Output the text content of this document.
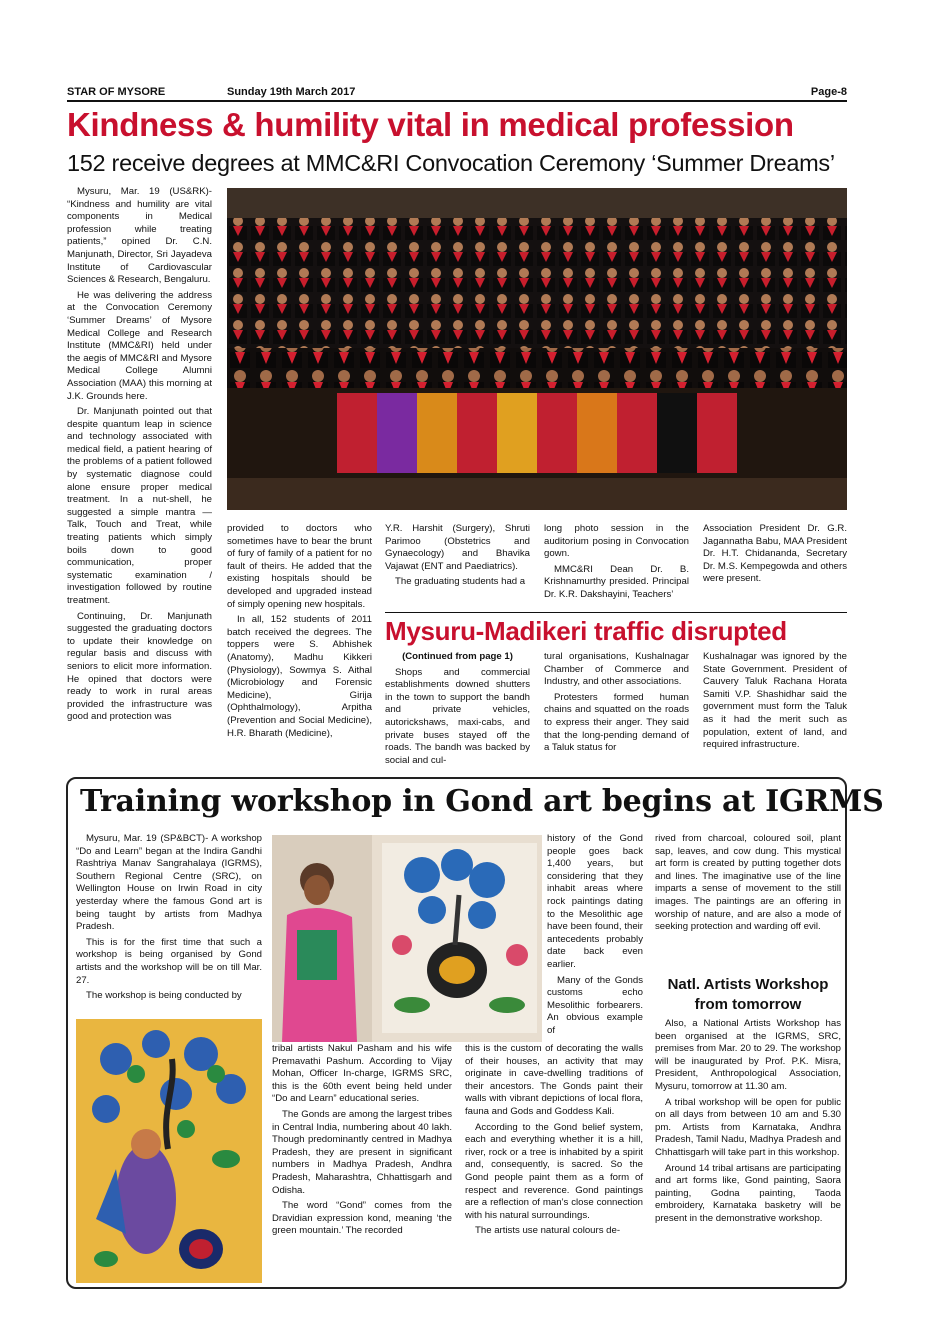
STAR OF MYSORE	Sunday 19th March 2017	Page-8
Kindness & humility vital in medical profession
152 receive degrees at MMC&RI Convocation Ceremony ‘Summer Dreams’

Mysuru, Mar. 19 (US&RK)- “Kindness and humility are vital components in Medical profession while treating patients,” opined Dr. C.N. Manjunath, Director, Sri Jayadeva Institute of Cardiovascular Sciences & Research, Bengaluru.

He was delivering the address at the Convocation Ceremony ‘Summer Dreams’ of Mysore Medical College and Research Institute (MMC&RI) held under the aegis of MMC&RI and Mysore Medical College Alumni Association (MAA) this morning at J.K. Grounds here.

Dr. Manjunath pointed out that despite quantum leap in science and technology associated with medical field, a patient hearing of the problems of a patient followed by systematic diagnose could alone ensure proper medical treatment. In a nut-shell, he suggested a simple mantra — Talk, Touch and Treat, while treating patients which simply boils down to good communication, proper systematic examination / investigation followed by routine treatment.

Continuing, Dr. Manjunath suggested the graduating doctors to update their knowledge on regular basis and discuss with seniors to elicit more information. He opined that doctors were ready to work in rural areas provided the infrastructure was good and protection was

provided to doctors who sometimes have to bear the brunt of fury of family of a patient for no fault of theirs. He added that the existing hospitals should be developed and upgraded instead of simply opening new hospitals.

In all, 152 students of 2011 batch received the degrees. The toppers were S. Abhishek (Anatomy), Madhu Kikkeri (Physiology), Sowmya S. Aithal (Microbiology and Forensic Medicine), Girija (Ophthalmology), Arpitha (Prevention and Social Medicine), H.R. Bharath (Medicine),

Y.R. Harshit (Surgery), Shruti Parimoo (Obstetrics and Gynaecology) and Bhavika Vajawat (ENT and Paediatrics).

The graduating students had a

long photo session in the auditorium posing in Convocation gown.

MMC&RI Dean Dr. B. Krishnamurthy presided. Principal Dr. K.R. Dakshayini, Teachers’

Association President Dr. G.R. Jagannatha Babu, MAA President Dr. H.T. Chidananda, Secretary Dr. M.S. Kempegowda and others were present.

Mysuru-Madikeri traffic disrupted

(Continued from page 1)

Shops and commercial establishments downed shutters in the town to support the bandh and private vehicles, autorickshaws, maxi-cabs, and private buses stayed off the roads. The bandh was backed by social and cul-

tural organisations, Kushalnagar Chamber of Commerce and Industry, and other associations.

Protesters formed human chains and squatted on the roads to express their anger. They said that the long-pending demand of a Taluk status for

Kushalnagar was ignored by the State Government. President of Cauvery Taluk Rachana Horata Samiti V.P. Shashidhar said the government must form the Taluk as it had the merit such as population, extent of land, and required infrastructure.

Training workshop in Gond art begins at IGRMS

Mysuru, Mar. 19 (SP&BCT)- A workshop “Do and Learn” began at the Indira Gandhi Rashtriya Manav Sangrahalaya (IGRMS), Southern Regional Centre (SRC), on Wellington House on Irwin Road in city yesterday where the famous Gond art is being taught by artists from Madhya Pradesh.

This is for the first time that such a workshop is being organised by Gond artists and the workshop will be on till Mar. 27.

The workshop is being conducted by

tribal artists Nakul Pasham and his wife Premavathi Pashum. According to Vijay Mohan, Officer In-charge, IGRMS SRC, this is the 60th event being held under “Do and Learn” educational series.

The Gonds are among the largest tribes in Central India, numbering about 40 lakh. Though predominantly centred in Madhya Pradesh, they are present in significant numbers in Madhya Pradesh, Andhra Pradesh, Maharashtra, Chhattisgarh and Odisha.

The word “Gond” comes from the Dravidian expression kond, meaning ‘the green mountain.’ The recorded

history of the Gond people goes back 1,400 years, but considering that they inhabit areas where rock paintings dating to the Mesolithic age have been found, their antecedents probably date back even earlier.

Many of the Gonds customs echo Mesolithic forbearers. An obvious example of

this is the custom of decorating the walls of their houses, an activity that may originate in cave-dwelling traditions of their ancestors. The Gonds paint their walls with vibrant depictions of local flora, fauna and Gods and Goddess Kali.

According to the Gond belief system, each and everything whether it is a hill, river, rock or a tree is inhabited by a spirit and, consequently, is sacred. So the Gond people paint them as a form of respect and reverence. Gond paintings are a reflection of man’s close connection with his natural surroundings.

The artists use natural colours de-

rived from charcoal, coloured soil, plant sap, leaves, and cow dung. This mystical art form is created by putting together dots and lines. The imaginative use of the line imparts a sense of movement to the still images. The paintings are an offering in worship of nature, and are also a mode of seeking protection and warding off evil.

Natl. Artists Workshop from tomorrow

Also, a National Artists Workshop has been organised at the IGRMS, SRC, premises from Mar. 20 to 29. The workshop will be inaugurated by Prof. P.K. Misra, President, Anthropological Association, Mysuru, tomorrow at 11.30 am.

A tribal workshop will be open for public on all days from between 10 am and 5.30 pm. Artists from Karnataka, Andhra Pradesh, Tamil Nadu, Madhya Pradesh and Chhattisgarh will take part in this workshop.

Around 14 tribal artisans are participating and art forms like, Gond painting, Saora painting, Godna painting, Taoda embroidery, Karnataka basketry will be present in the demonstrative workshop.
